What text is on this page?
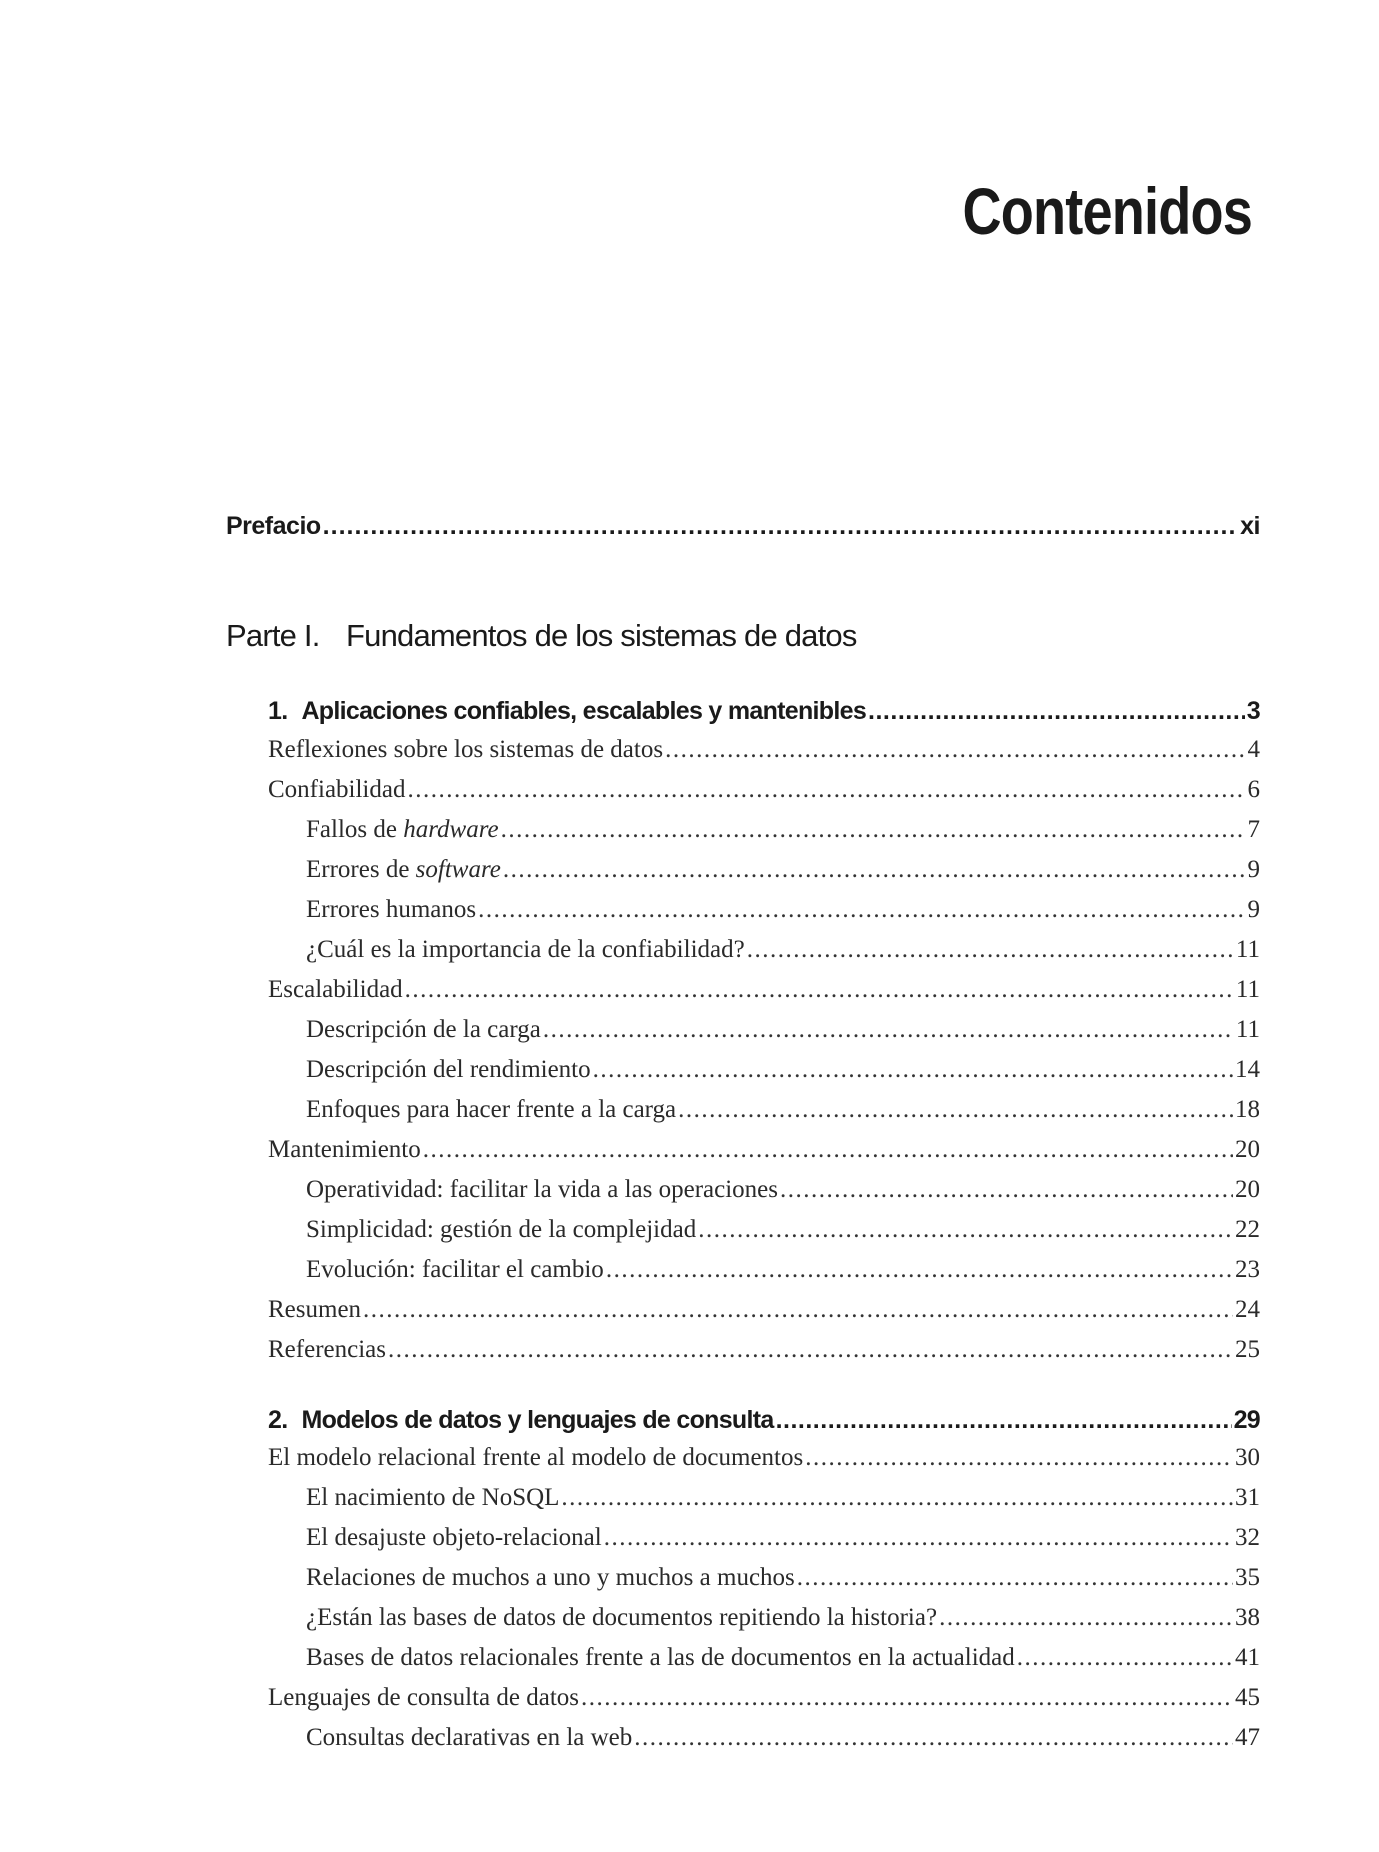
Contenidos
Prefacio .....	xi
Parte I. Fundamentos de los sistemas de datos
1. Aplicaciones confiables, escalables y mantenibles .....	3
Reflexiones sobre los sistemas de datos .....	4
Confiabilidad .....	6
Fallos de hardware .....	7
Errores de software .....	9
Errores humanos .....	9
¿Cuál es la importancia de la confiabilidad? .....	11
Escalabilidad .....	11
Descripción de la carga .....	11
Descripción del rendimiento .....	14
Enfoques para hacer frente a la carga .....	18
Mantenimiento .....	20
Operatividad: facilitar la vida a las operaciones .....	20
Simplicidad: gestión de la complejidad .....	22
Evolución: facilitar el cambio .....	23
Resumen .....	24
Referencias .....	25
2. Modelos de datos y lenguajes de consulta .....	29
El modelo relacional frente al modelo de documentos .....	30
El nacimiento de NoSQL .....	31
El desajuste objeto-relacional .....	32
Relaciones de muchos a uno y muchos a muchos .....	35
¿Están las bases de datos de documentos repitiendo la historia? .....	38
Bases de datos relacionales frente a las de documentos en la actualidad .....	41
Lenguajes de consulta de datos .....	45
Consultas declarativas en la web .....	47
